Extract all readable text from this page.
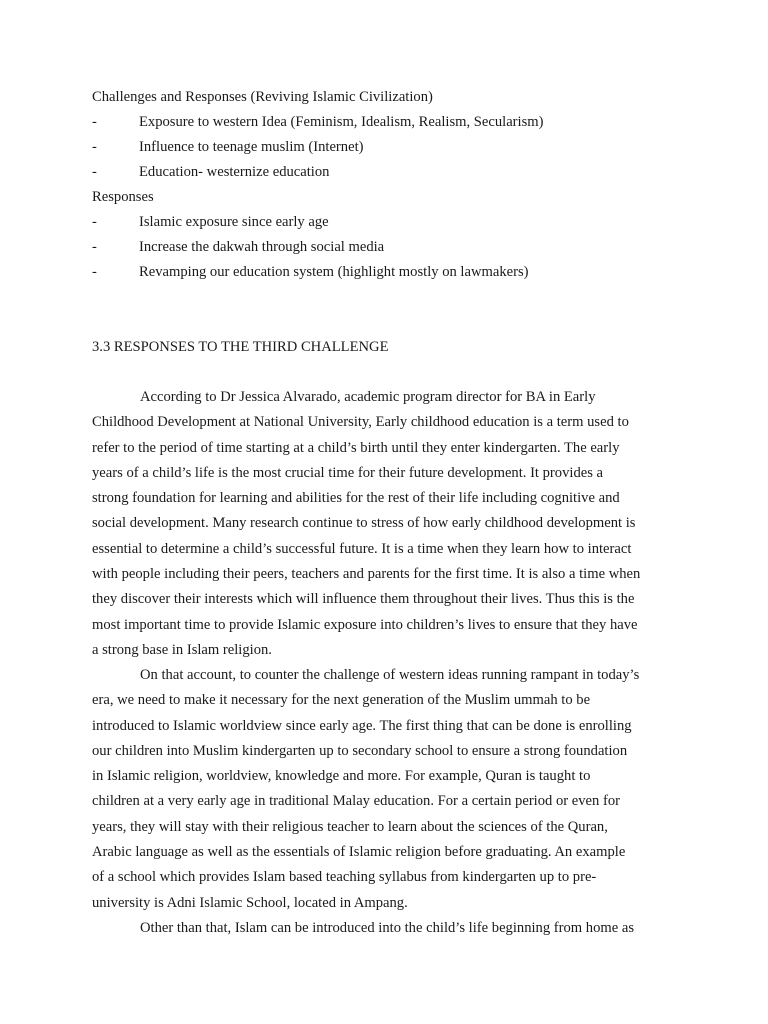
Challenges and Responses (Reviving Islamic Civilization)
-	Exposure to western Idea (Feminism, Idealism, Realism, Secularism)
-	Influence to teenage muslim (Internet)
-	Education- westernize education
Responses
-	Islamic exposure since early age
-	Increase the dakwah through social media
-	Revamping our education system (highlight mostly on lawmakers)
3.3 RESPONSES TO THE THIRD CHALLENGE
According to Dr Jessica Alvarado, academic program director for BA in Early
Childhood Development at National University, Early childhood education is a term used to
refer to the period of time starting at a child’s birth until they enter kindergarten. The early
years of a child’s life is the most crucial time for their future development. It provides a
strong foundation for learning and abilities for the rest of their life including cognitive and
social development. Many research continue to stress of how early childhood development is
essential to determine a child’s successful future. It is a time when they learn how to interact
with people including their peers, teachers and parents for the first time. It is also a time when
they discover their interests which will influence them throughout their lives. Thus this is the
most important time to provide Islamic exposure into children’s lives to ensure that they have
a strong base in Islam religion.
On that account, to counter the challenge of western ideas running rampant in today’s
era, we need to make it necessary for the next generation of the Muslim ummah to be
introduced to Islamic worldview since early age. The first thing that can be done is enrolling
our children into Muslim kindergarten up to secondary school to ensure a strong foundation
in Islamic religion, worldview, knowledge and more. For example, Quran is taught to
children at a very early age in traditional Malay education. For a certain period or even for
years, they will stay with their religious teacher to learn about the sciences of the Quran,
Arabic language as well as the essentials of Islamic religion before graduating. An example
of a school which provides Islam based teaching syllabus from kindergarten up to pre-
university is Adni Islamic School, located in Ampang.
Other than that, Islam can be introduced into the child’s life beginning from home as
